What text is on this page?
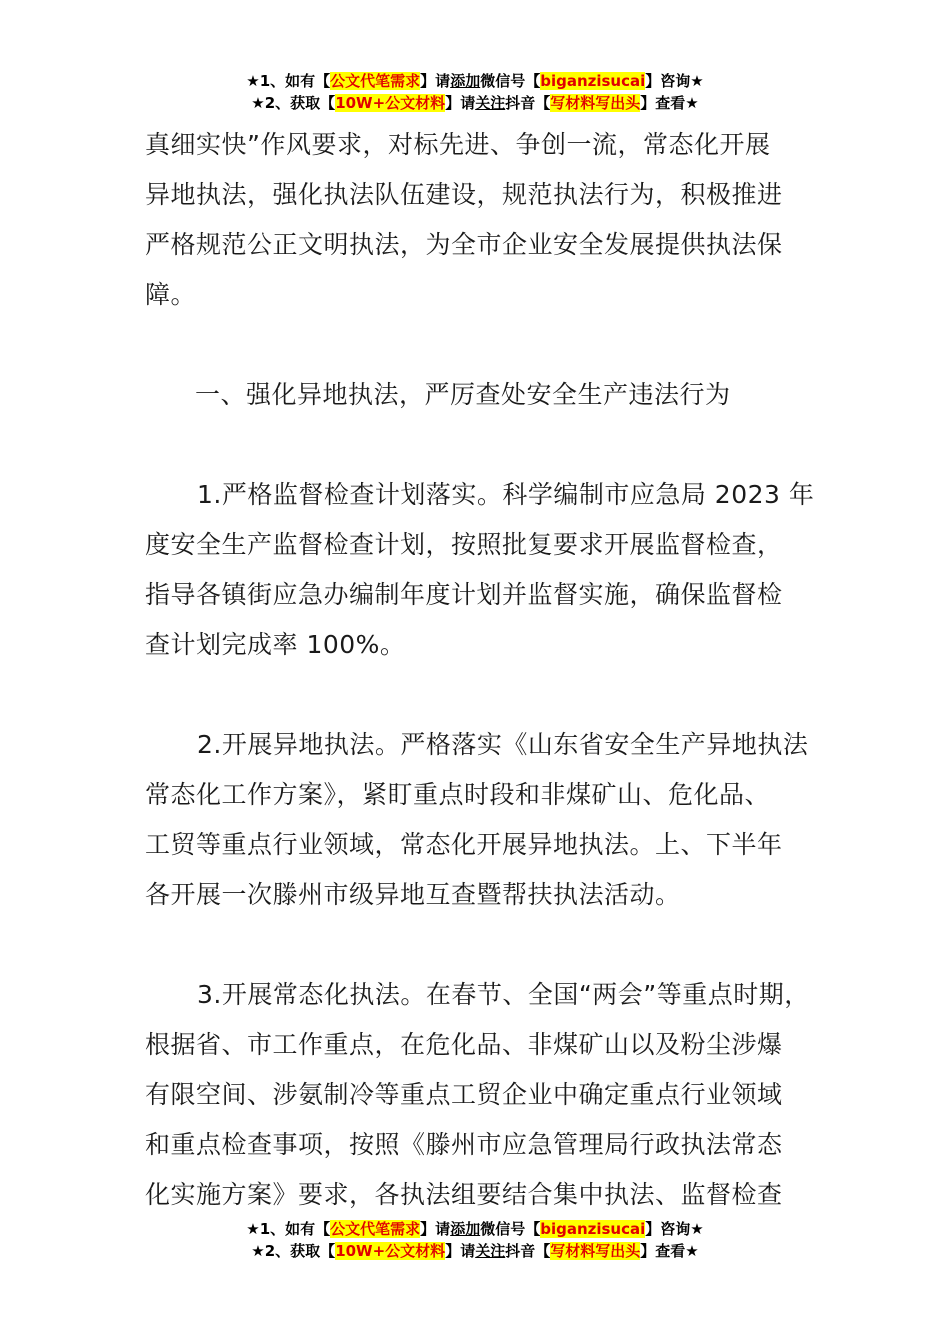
★1、如有【公文代笔需求】请添加微信号【biganzisucai】咨询★
★2、获取【10W+公文材料】请关注抖音【写材料写出头】查看★

真细实快”作风要求，对标先进、争创一流，常态化开展

异地执法，强化执法队伍建设，规范执法行为，积极推进

严格规范公正文明执法，为全市企业安全发展提供执法保

障。

一、强化异地执法，严厉查处安全生产违法行为

1.严格监督检查计划落实。科学编制市应急局 2023 年

度安全生产监督检查计划，按照批复要求开展监督检查，

指导各镇街应急办编制年度计划并监督实施，确保监督检

查计划完成率 100%。

2.开展异地执法。严格落实《山东省安全生产异地执法

常态化工作方案》，紧盯重点时段和非煤矿山、危化品、

工贸等重点行业领域，常态化开展异地执法。上、下半年

各开展一次滕州市级异地互查暨帮扶执法活动。

3.开展常态化执法。在春节、全国“两会”等重点时期，

根据省、市工作重点，在危化品、非煤矿山以及粉尘涉爆

有限空间、涉氨制冷等重点工贸企业中确定重点行业领域

和重点检查事项，按照《滕州市应急管理局行政执法常态

化实施方案》要求，各执法组要结合集中执法、监督检查

★1、如有【公文代笔需求】请添加微信号【biganzisucai】咨询★
★2、获取【10W+公文材料】请关注抖音【写材料写出头】查看★
